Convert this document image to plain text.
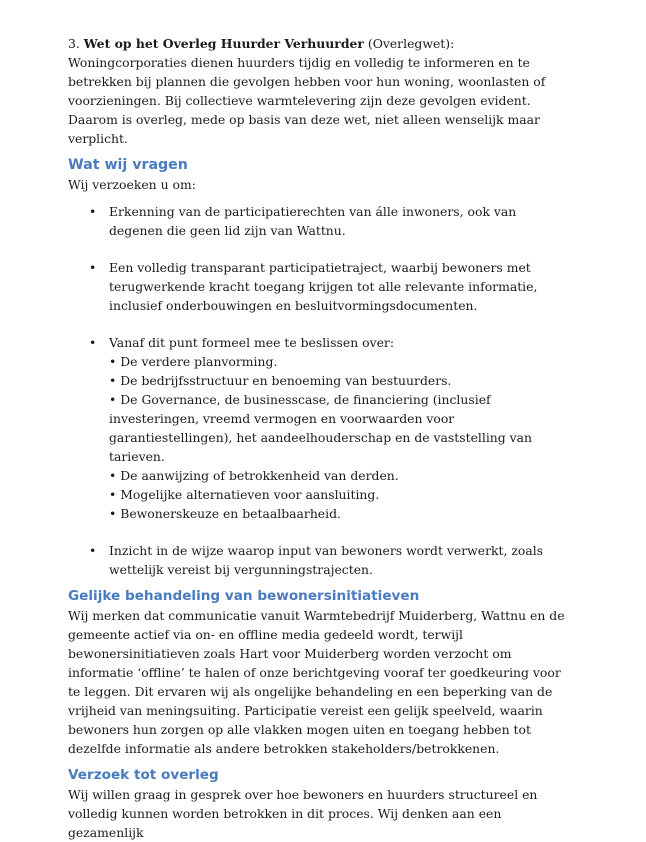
3. Wet op het Overleg Huurder Verhuurder (Overlegwet):

Woningcorporaties dienen huurders tijdig en volledig te informeren en te betrekken bij plannen die gevolgen hebben voor hun woning, woonlasten of voorzieningen. Bij collectieve warmtelevering zijn deze gevolgen evident. Daarom is overleg, mede op basis van deze wet, niet alleen wenselijk maar verplicht.

Wat wij vragen

Wij verzoeken u om:

• Erkenning van de participatierechten van álle inwoners, ook van degenen die geen lid zijn van Wattnu.
• Een volledig transparant participatietraject, waarbij bewoners met terugwerkende kracht toegang krijgen tot alle relevante informatie, inclusief onderbouwingen en besluitvormingsdocumenten.
• Vanaf dit punt formeel mee te beslissen over:
• De verdere planvorming.
• De bedrijfsstructuur en benoeming van bestuurders.
• De Governance, de businesscase, de financiering (inclusief investeringen, vreemd vermogen en voorwaarden voor garantiestellingen), het aandeelhouderschap en de vaststelling van tarieven.
• De aanwijzing of betrokkenheid van derden.
• Mogelijke alternatieven voor aansluiting.
• Bewonerskeuze en betaalbaarheid.
• Inzicht in de wijze waarop input van bewoners wordt verwerkt, zoals wettelijk vereist bij vergunningstrajecten.
Gelijke behandeling van bewonersinitiatieven

Wij merken dat communicatie vanuit Warmtebedrijf Muiderberg, Wattnu en de gemeente actief via on- en offline media gedeeld wordt, terwijl bewonersinitiatieven zoals Hart voor Muiderberg worden verzocht om informatie ‘offline’ te halen of onze berichtgeving vooraf ter goedkeuring voor te leggen. Dit ervaren wij als ongelijke behandeling en een beperking van de vrijheid van meningsuiting. Participatie vereist een gelijk speelveld, waarin bewoners hun zorgen op alle vlakken mogen uiten en toegang hebben tot dezelfde informatie als andere betrokken stakeholders/betrokkenen.

Verzoek tot overleg

Wij willen graag in gesprek over hoe bewoners en huurders structureel en volledig kunnen worden betrokken in dit proces. Wij denken aan een gezamenlijk
